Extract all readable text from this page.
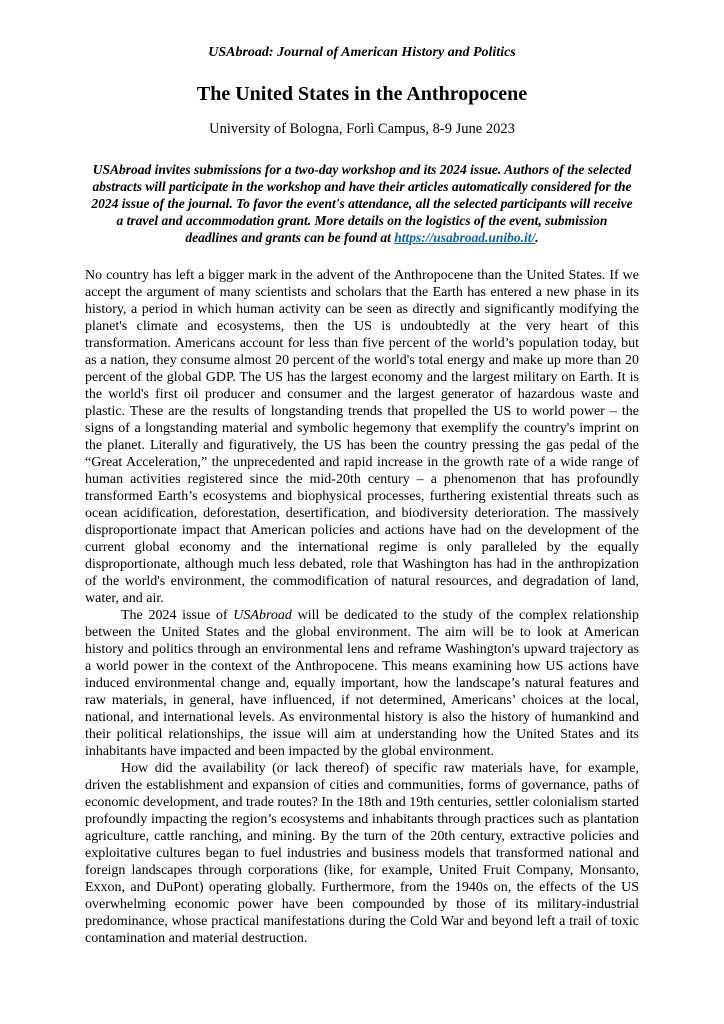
USAbroad: Journal of American History and Politics

The United States in the Anthropocene

University of Bologna, Forlì Campus, 8-9 June 2023

USAbroad invites submissions for a two-day workshop and its 2024 issue. Authors of the selected abstracts will participate in the workshop and have their articles automatically considered for the 2024 issue of the journal. To favor the event's attendance, all the selected participants will receive a travel and accommodation grant. More details on the logistics of the event, submission deadlines and grants can be found at https://usabroad.unibo.it/.

No country has left a bigger mark in the advent of the Anthropocene than the United States. If we accept the argument of many scientists and scholars that the Earth has entered a new phase in its history, a period in which human activity can be seen as directly and significantly modifying the planet's climate and ecosystems, then the US is undoubtedly at the very heart of this transformation. Americans account for less than five percent of the world’s population today, but as a nation, they consume almost 20 percent of the world's total energy and make up more than 20 percent of the global GDP. The US has the largest economy and the largest military on Earth. It is the world's first oil producer and consumer and the largest generator of hazardous waste and plastic. These are the results of longstanding trends that propelled the US to world power – the signs of a longstanding material and symbolic hegemony that exemplify the country's imprint on the planet. Literally and figuratively, the US has been the country pressing the gas pedal of the “Great Acceleration,” the unprecedented and rapid increase in the growth rate of a wide range of human activities registered since the mid-20th century – a phenomenon that has profoundly transformed Earth’s ecosystems and biophysical processes, furthering existential threats such as ocean acidification, deforestation, desertification, and biodiversity deterioration. The massively disproportionate impact that American policies and actions have had on the development of the current global economy and the international regime is only paralleled by the equally disproportionate, although much less debated, role that Washington has had in the anthropization of the world's environment, the commodification of natural resources, and degradation of land, water, and air.

The 2024 issue of USAbroad will be dedicated to the study of the complex relationship between the United States and the global environment. The aim will be to look at American history and politics through an environmental lens and reframe Washington's upward trajectory as a world power in the context of the Anthropocene. This means examining how US actions have induced environmental change and, equally important, how the landscape’s natural features and raw materials, in general, have influenced, if not determined, Americans’ choices at the local, national, and international levels. As environmental history is also the history of humankind and their political relationships, the issue will aim at understanding how the United States and its inhabitants have impacted and been impacted by the global environment.

How did the availability (or lack thereof) of specific raw materials have, for example, driven the establishment and expansion of cities and communities, forms of governance, paths of economic development, and trade routes? In the 18th and 19th centuries, settler colonialism started profoundly impacting the region’s ecosystems and inhabitants through practices such as plantation agriculture, cattle ranching, and mining. By the turn of the 20th century, extractive policies and exploitative cultures began to fuel industries and business models that transformed national and foreign landscapes through corporations (like, for example, United Fruit Company, Monsanto, Exxon, and DuPont) operating globally. Furthermore, from the 1940s on, the effects of the US overwhelming economic power have been compounded by those of its military-industrial predominance, whose practical manifestations during the Cold War and beyond left a trail of toxic contamination and material destruction.
